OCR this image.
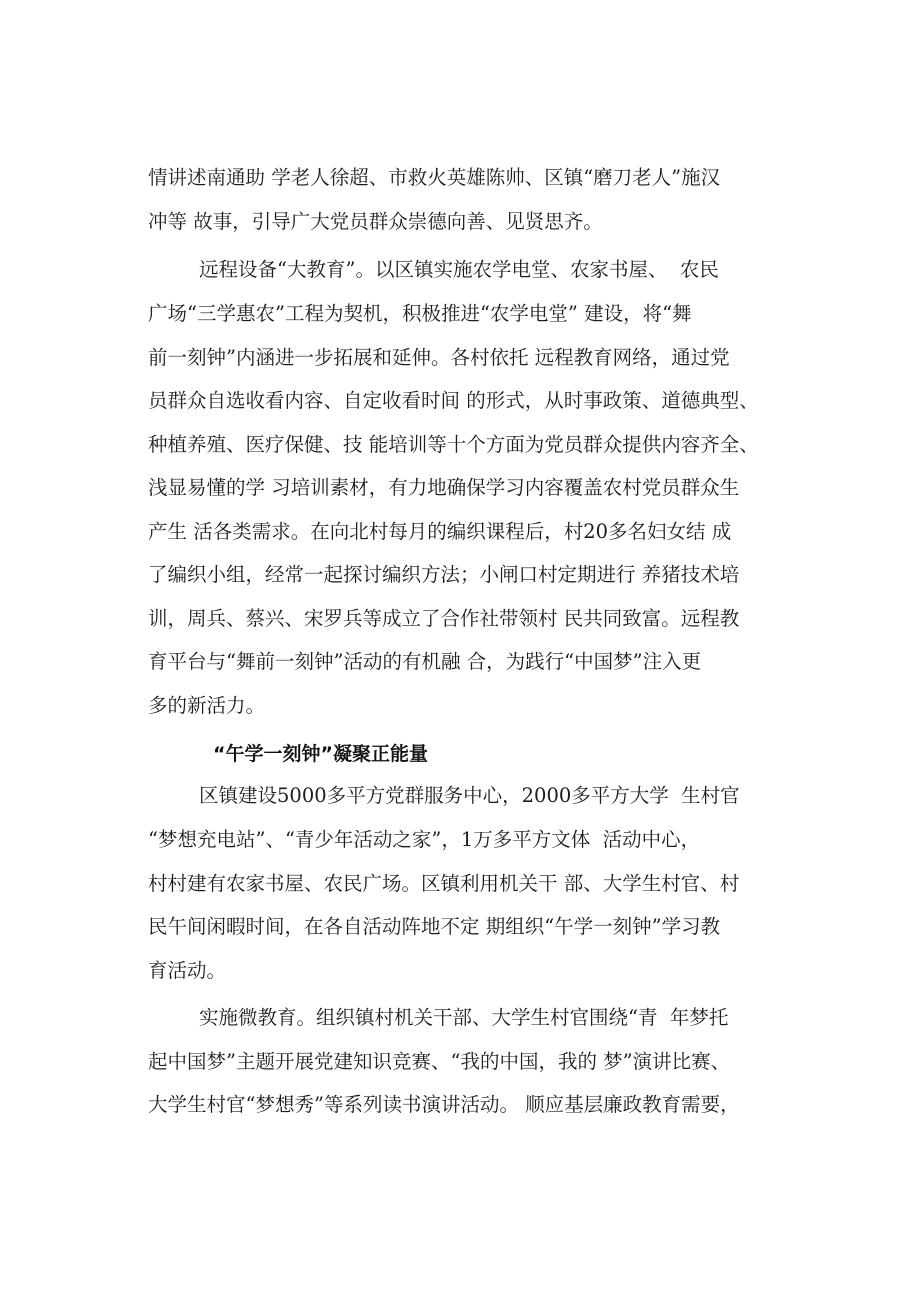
情讲述南通助 学老人徐超、市救火英雄陈帅、区镇“磨刀老人”施汉
冲等 故事，引导广大党员群众崇德向善、见贤思齐。
远程设备“大教育”。以区镇实施农学电堂、农家书屋、  农民
广场“三学惠农”工程为契机，积极推进“农学电堂” 建设，将“舞
前一刻钟”内涵进一步拓展和延伸。各村依托 远程教育网络，通过党
员群众自选收看内容、自定收看时间 的形式，从时事政策、道德典型、
种植养殖、医疗保健、技 能培训等十个方面为党员群众提供内容齐全、
浅显易懂的学 习培训素材，有力地确保学习内容覆盖农村党员群众生
产生 活各类需求。在向北村每月的编织课程后，村20多名妇女结 成
了编织小组，经常一起探讨编织方法；小闸口村定期进行 养猪技术培
训，周兵、蔡兴、宋罗兵等成立了合作社带领村 民共同致富。远程教
育平台与“舞前一刻钟”活动的有机融 合，为践行“中国梦”注入更
多的新活力。
“午学一刻钟”凝聚正能量
区镇建设5000多平方党群服务中心，2000多平方大学  生村官
“梦想充电站”、“青少年活动之家”，1万多平方文体  活动中心，
村村建有农家书屋、农民广场。区镇利用机关干 部、大学生村官、村
民午间闲暇时间，在各自活动阵地不定 期组织“午学一刻钟”学习教
育活动。
实施微教育。组织镇村机关干部、大学生村官围绕“青  年梦托
起中国梦”主题开展党建知识竞赛、“我的中国，我的 梦”演讲比赛、
大学生村官“梦想秀”等系列读书演讲活动。 顺应基层廉政教育需要，
